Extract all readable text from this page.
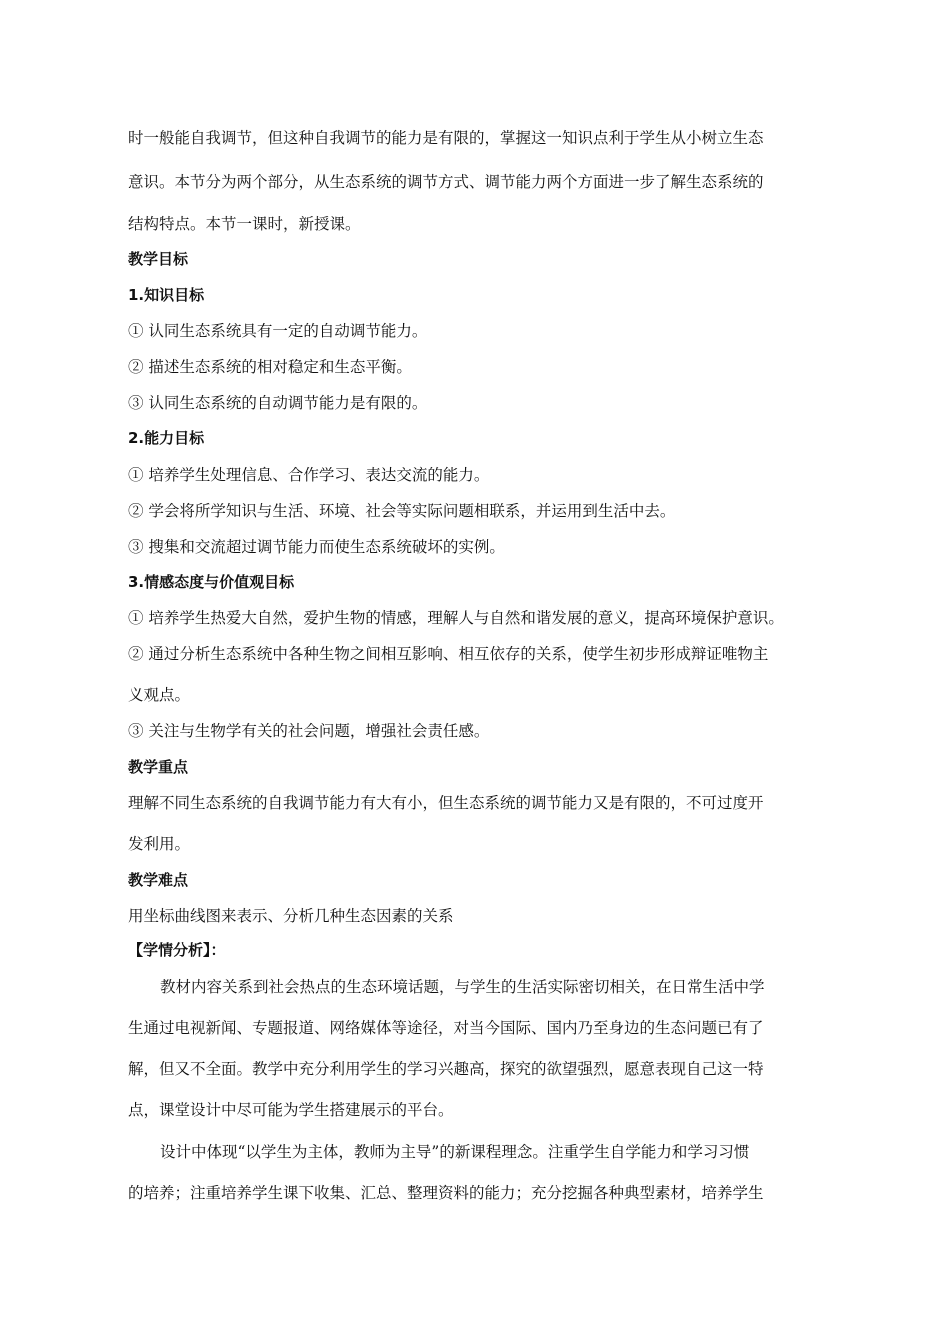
时一般能自我调节，但这种自我调节的能力是有限的，掌握这一知识点利于学生从小树立生态
意识。本节分为两个部分，从生态系统的调节方式、调节能力两个方面进一步了解生态系统的
结构特点。本节一课时，新授课。
教学目标
1.知识目标
① 认同生态系统具有一定的自动调节能力。
② 描述生态系统的相对稳定和生态平衡。
③ 认同生态系统的自动调节能力是有限的。
2.能力目标
① 培养学生处理信息、合作学习、表达交流的能力。
② 学会将所学知识与生活、环境、社会等实际问题相联系，并运用到生活中去。
③ 搜集和交流超过调节能力而使生态系统破坏的实例。
3.情感态度与价值观目标
① 培养学生热爱大自然，爱护生物的情感，理解人与自然和谐发展的意义，提高环境保护意识。
② 通过分析生态系统中各种生物之间相互影响、相互依存的关系，使学生初步形成辩证唯物主
义观点。
③ 关注与生物学有关的社会问题，增强社会责任感。
教学重点
理解不同生态系统的自我调节能力有大有小，但生态系统的调节能力又是有限的，不可过度开
发利用。
教学难点
用坐标曲线图来表示、分析几种生态因素的关系
【学情分析】：
教材内容关系到社会热点的生态环境话题，与学生的生活实际密切相关，在日常生活中学
生通过电视新闻、专题报道、网络媒体等途径，对当今国际、国内乃至身边的生态问题已有了
解，但又不全面。教学中充分利用学生的学习兴趣高，探究的欲望强烈，愿意表现自己这一特
点，课堂设计中尽可能为学生搭建展示的平台。
设计中体现“以学生为主体，教师为主导”的新课程理念。注重学生自学能力和学习习惯
的培养；注重培养学生课下收集、汇总、整理资料的能力；充分挖掘各种典型素材，培养学生
